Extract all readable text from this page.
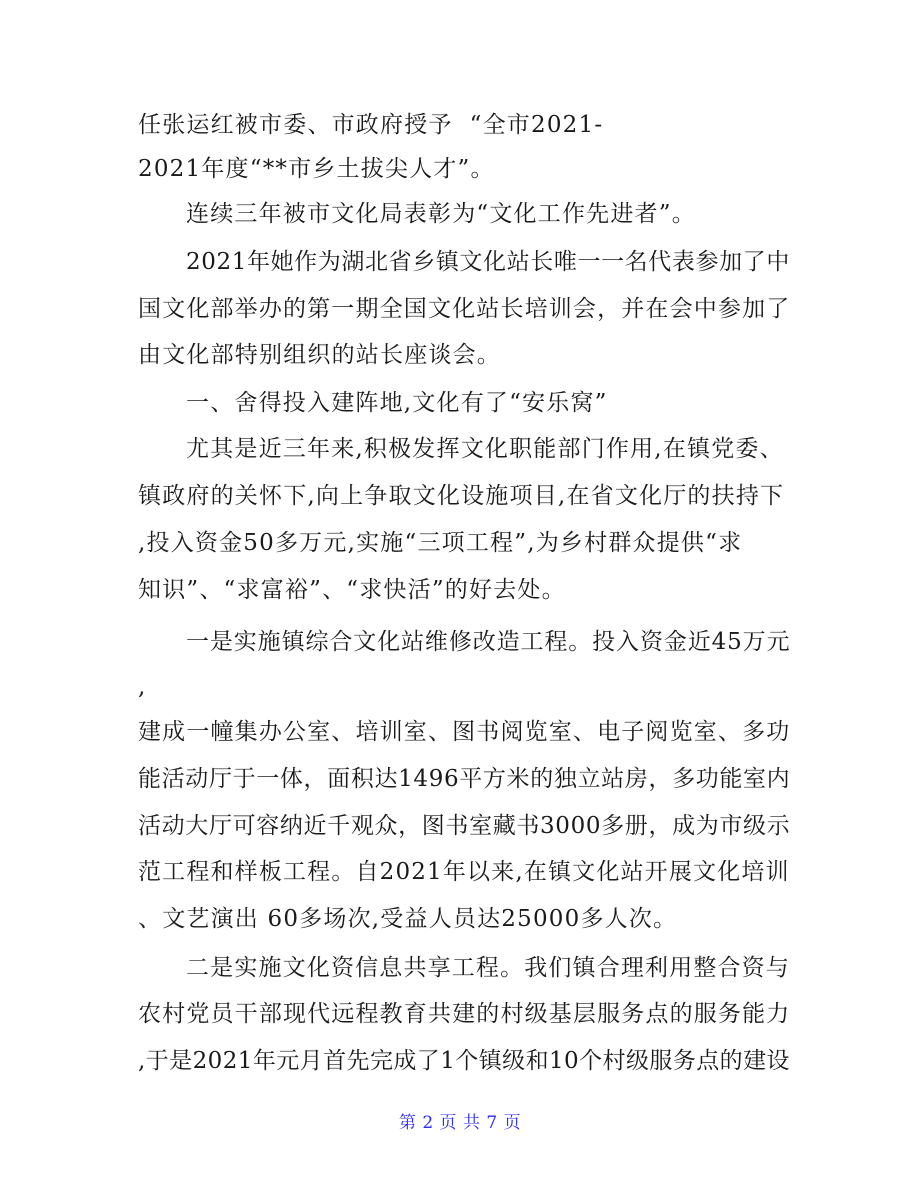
任张运红被市委、市政府授予  “全市2021-
2021年度“**市乡土拔尖人才”。
连续三年被市文化局表彰为“文化工作先进者”。
2021年她作为湖北省乡镇文化站长唯一一名代表参加了中
国文化部举办的第一期全国文化站长培训会，并在会中参加了
由文化部特别组织的站长座谈会。
一、舍得投入建阵地,文化有了“安乐窝”
尤其是近三年来,积极发挥文化职能部门作用,在镇党委、
镇政府的关怀下,向上争取文化设施项目,在省文化厅的扶持下
,投入资金50多万元,实施“三项工程”,为乡村群众提供“求
知识”、“求富裕”、“求快活”的好去处。
一是实施镇综合文化站维修改造工程。投入资金近45万元
,
建成一幢集办公室、培训室、图书阅览室、电子阅览室、多功
能活动厅于一体，面积达1496平方米的独立站房，多功能室内
活动大厅可容纳近千观众，图书室藏书3000多册，成为市级示
范工程和样板工程。自2021年以来,在镇文化站开展文化培训
、文艺演出 60多场次,受益人员达25000多人次。
二是实施文化资信息共享工程。我们镇合理利用整合资与
农村党员干部现代远程教育共建的村级基层服务点的服务能力
,于是2021年元月首先完成了1个镇级和10个村级服务点的建设
第 2 页 共 7 页
